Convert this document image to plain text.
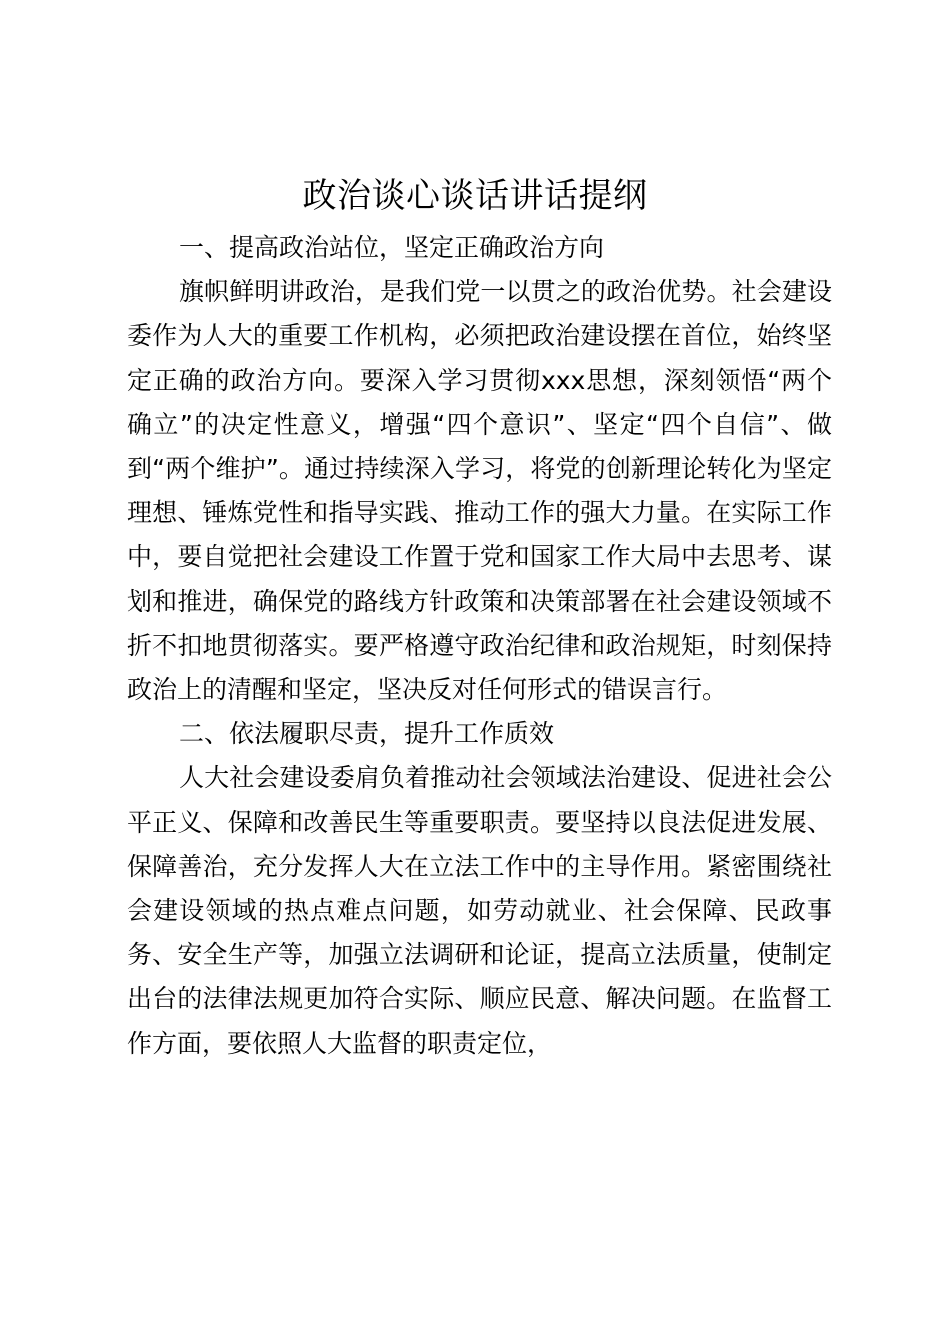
政治谈心谈话讲话提纲

一、提高政治站位，坚定正确政治方向

旗帜鲜明讲政治，是我们党一以贯之的政治优势。社会建设委作为人大的重要工作机构，必须把政治建设摆在首位，始终坚定正确的政治方向。要深入学习贯彻xxx思想，深刻领悟“两个确立”的决定性意义，增强“四个意识”、坚定“四个自信”、做到“两个维护”。通过持续深入学习，将党的创新理论转化为坚定理想、锤炼党性和指导实践、推动工作的强大力量。在实际工作中，要自觉把社会建设工作置于党和国家工作大局中去思考、谋划和推进，确保党的路线方针政策和决策部署在社会建设领域不折不扣地贯彻落实。要严格遵守政治纪律和政治规矩，时刻保持政治上的清醒和坚定，坚决反对任何形式的错误言行。

二、依法履职尽责，提升工作质效

人大社会建设委肩负着推动社会领域法治建设、促进社会公平正义、保障和改善民生等重要职责。要坚持以良法促进发展、保障善治，充分发挥人大在立法工作中的主导作用。紧密围绕社会建设领域的热点难点问题，如劳动就业、社会保障、民政事务、安全生产等，加强立法调研和论证，提高立法质量，使制定出台的法律法规更加符合实际、顺应民意、解决问题。在监督工作方面，要依照人大监督的职责定位，
